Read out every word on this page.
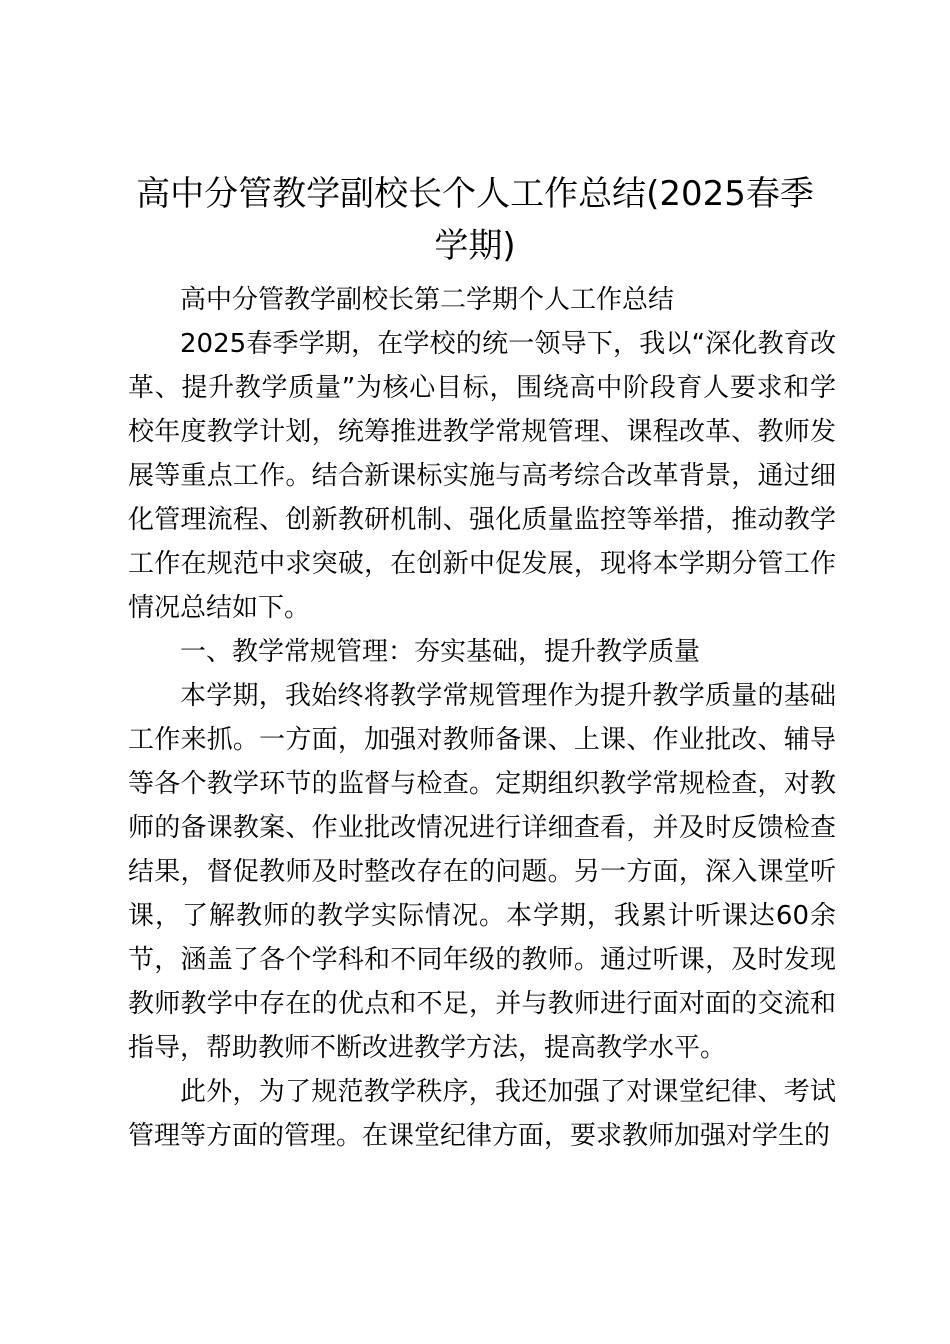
高中分管教学副校长个人工作总结(2025春季学期)

高中分管教学副校长第二学期个人工作总结

2025春季学期，在学校的统一领导下，我以“深化教育改革、提升教学质量”为核心目标，围绕高中阶段育人要求和学校年度教学计划，统筹推进教学常规管理、课程改革、教师发展等重点工作。结合新课标实施与高考综合改革背景，通过细化管理流程、创新教研机制、强化质量监控等举措，推动教学工作在规范中求突破，在创新中促发展，现将本学期分管工作情况总结如下。

一、教学常规管理：夯实基础，提升教学质量

本学期，我始终将教学常规管理作为提升教学质量的基础工作来抓。一方面，加强对教师备课、上课、作业批改、辅导等各个教学环节的监督与检查。定期组织教学常规检查，对教师的备课教案、作业批改情况进行详细查看，并及时反馈检查结果，督促教师及时整改存在的问题。另一方面，深入课堂听课，了解教师的教学实际情况。本学期，我累计听课达60余节，涵盖了各个学科和不同年级的教师。通过听课，及时发现教师教学中存在的优点和不足，并与教师进行面对面的交流和指导，帮助教师不断改进教学方法，提高教学水平。

此外，为了规范教学秩序，我还加强了对课堂纪律、考试管理等方面的管理。在课堂纪律方面，要求教师加强对学生的
